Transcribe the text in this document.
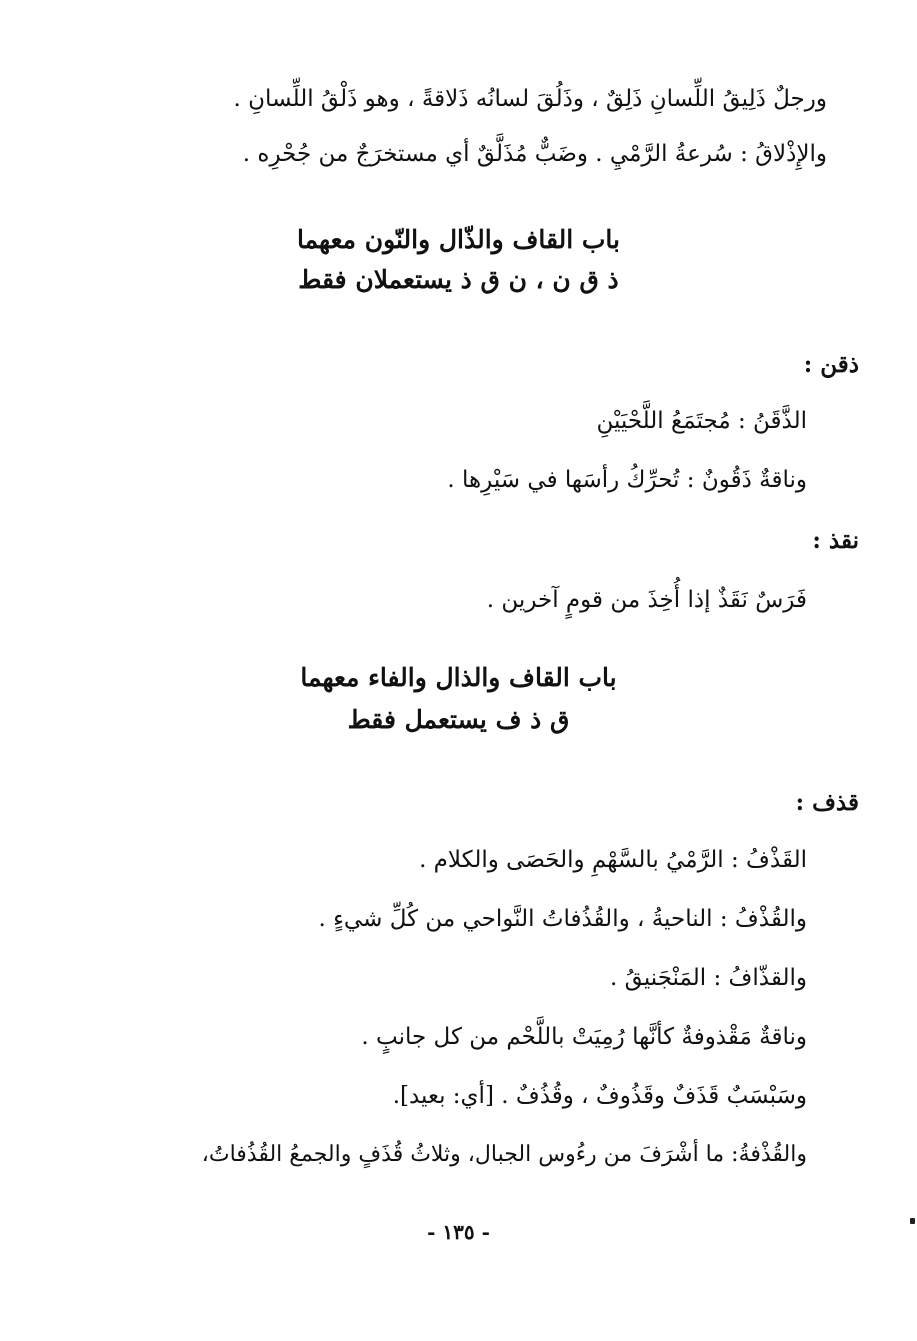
ورجلٌ ذَلِيقُ اللِّسانِ ذَلِقٌ ، وذَلُقَ لسانُه ذَلاقةً ، وهو ذَلْقُ اللِّسانِ .
والإِذْلاقُ : سُرعةُ الرَّمْيِ . وضَبٌّ مُذَلَّقٌ أي مستخرَجٌ من جُحْرِه .
باب القاف والذّال والنّون معهما
ذ ق ن ، ن ق ذ يستعملان فقط
ذقن :
الذَّقَنُ : مُجتَمَعُ اللَّحْيَيْنِ
وناقةٌ ذَقُونٌ : تُحرِّكُ رأسَها في سَيْرِها .
نقذ :
فَرَسٌ نَقَذٌ إذا أُخِذَ من قومٍ آخرين .
باب القاف والذال والفاء معهما
ق ذ ف يستعمل فقط
قذف :
القَذْفُ : الرَّمْيُ بالسَّهْمِ والحَصَى والكلام .
والقُذْفُ : الناحيةُ ، والقُذُفاتُ النَّواحي من كُلِّ شيءٍ .
والقذّافُ : المَنْجَنيقُ .
وناقةٌ مَقْذوفةٌ كأنَّها رُمِيَتْ باللَّحْم من كل جانبٍ .
وسَبْسَبٌ قَذَفٌ وقَذُوفٌ ، وقُذُفٌ . [أي: بعيد].
والقُذْفةُ: ما أشْرَفَ من رءُوس الجبال، وثلاثُ قُذَفٍ والجمعُ القُذُفاتُ،
- ١٣٥ -
